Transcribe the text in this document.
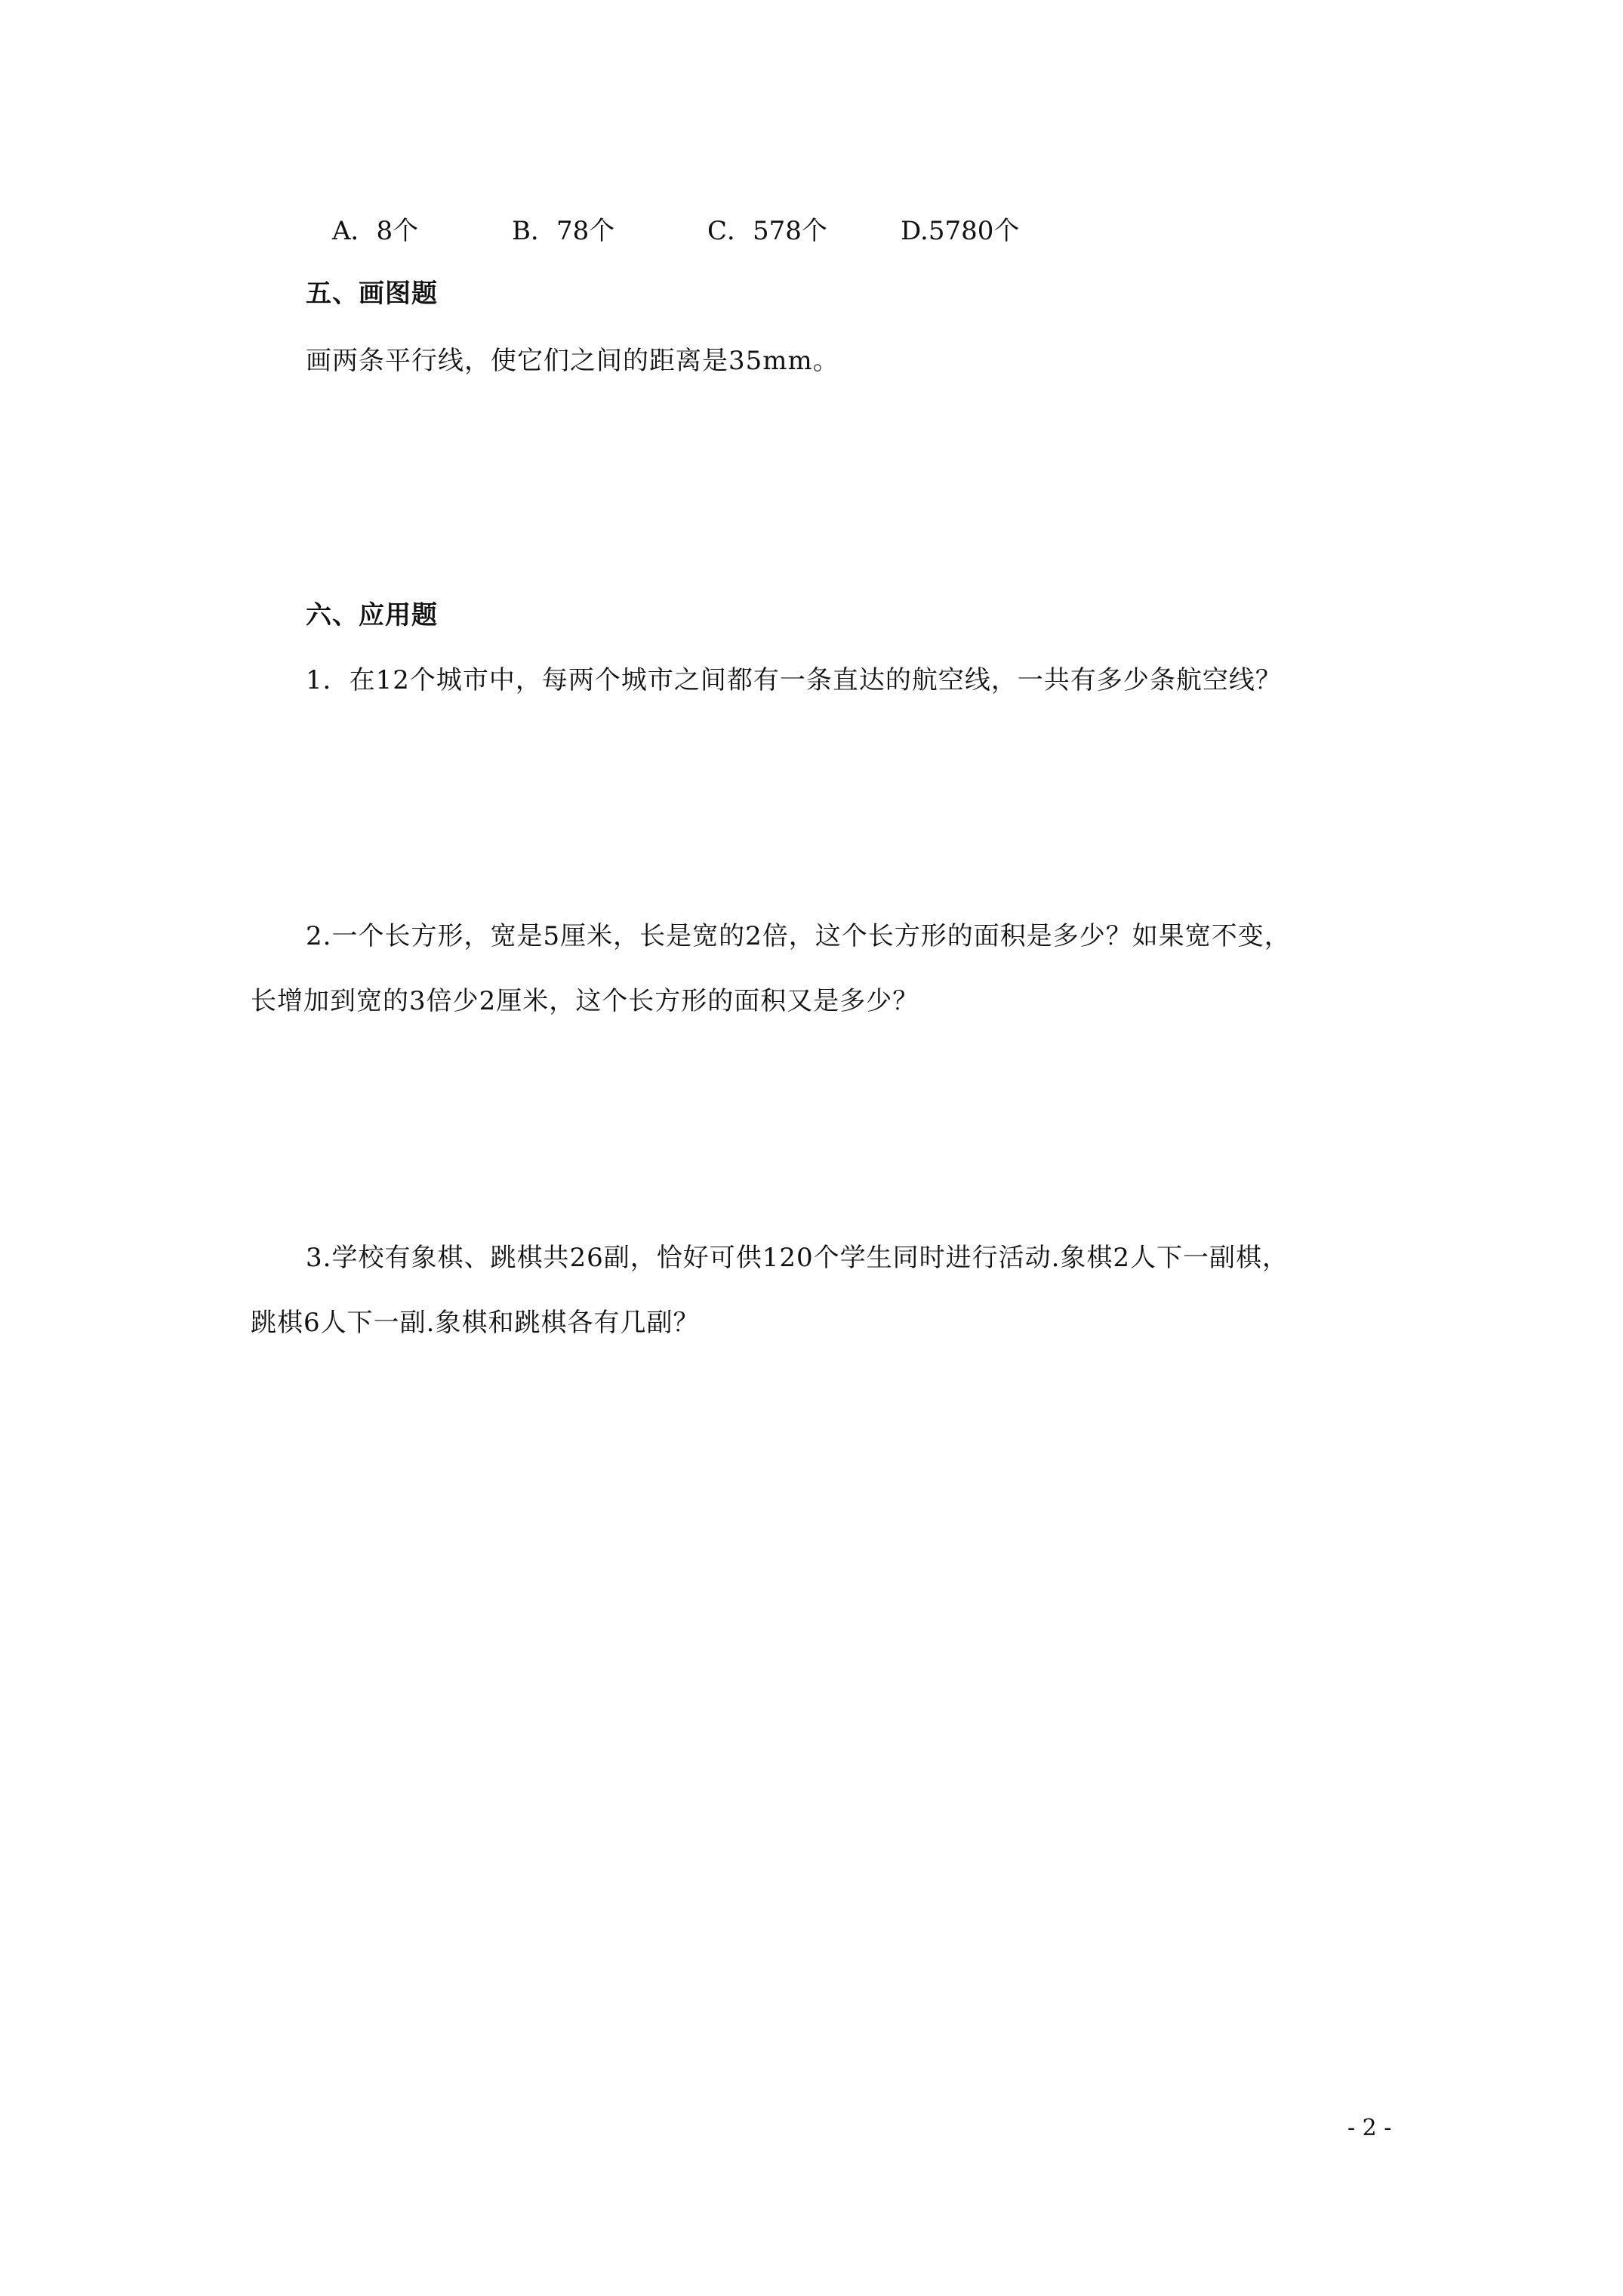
A．8个	B．78个	C．578个	D.5780个
五、画图题
画两条平行线，使它们之间的距离是35mm。
六、应用题
1．在12个城市中，每两个城市之间都有一条直达的航空线，一共有多少条航空线？
2.一个长方形，宽是5厘米，长是宽的2倍，这个长方形的面积是多少？如果宽不变，
长增加到宽的3倍少2厘米，这个长方形的面积又是多少？
3.学校有象棋、跳棋共26副，恰好可供120个学生同时进行活动.象棋2人下一副棋，
跳棋6人下一副.象棋和跳棋各有几副？
- 2 -
